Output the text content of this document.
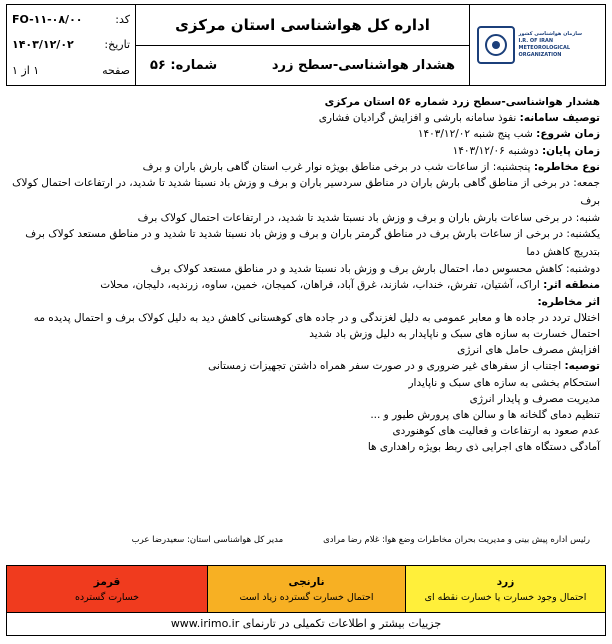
سازمان هواشناسی کشور
I.R. OF IRAN
METEOROLOGICAL
ORGANIZATION
اداره کل هواشناسی استان مرکزی
هشدار هواشناسی-سطح زرد
شماره: ۵۶
کد:
FO-۱۱-۰۸/۰۰
تاریخ:
۱۴۰۳/۱۲/۰۲
صفحه
۱ از ۱

هشدار هواشناسی-سطح زرد شماره ۵۶ استان مرکزی

توصیف سامانه: نفوذ سامانه بارشی و افزایش گرادیان فشاری

زمان شروع: شب پنج شنبه ۱۴۰۳/۱۲/۰۲

زمان پایان: دوشنبه ۱۴۰۳/۱۲/۰۶

نوع مخاطره: پنجشنبه: از ساعات شب در برخی مناطق بویژه نوار غرب استان گاهی بارش باران و برف

جمعه: در برخی از مناطق گاهی بارش باران در مناطق سردسیر باران و برف و وزش باد نسبتا شدید تا شدید، در ارتفاعات احتمال کولاک برف

شنبه: در برخی ساعات بارش باران و برف و وزش باد نسبتا شدید تا شدید، در ارتفاعات احتمال کولاک برف

یکشنبه: در برخی از ساعات بارش برف در مناطق گرمتر باران و برف و وزش باد نسبتا شدید تا شدید و در مناطق مستعد کولاک برف بتدریج کاهش دما

دوشنبه: کاهش محسوس دما، احتمال بارش برف و وزش باد نسبتا شدید و در مناطق مستعد کولاک برف

منطقه اثر: اراک، آشتیان، تفرش، خنداب، شازند، غرق آباد، فراهان، کمیجان، خمین، ساوه، زرندیه، دلیجان، محلات

اثر مخاطره:

اختلال تردد در جاده ها و معابر عمومی به دلیل لغزندگی و در جاده های کوهستانی کاهش دید به دلیل کولاک برف و احتمال پدیده مه

احتمال خسارت به سازه های سبک و ناپایدار به دلیل وزش باد شدید

افزایش مصرف حامل های انرژی

توصیه: اجتناب از سفرهای غیر ضروری و در صورت سفر همراه داشتن تجهیزات زمستانی

استحکام بخشی به سازه های سبک و ناپایدار

مدیریت مصرف و پایدار انرژی

تنظیم دمای گلخانه ها و سالن های پرورش طیور و ...

عدم صعود به ارتفاعات و فعالیت های کوهنوردی

آمادگی دستگاه های اجرایی ذی ربط بویژه راهداری ها

رئیس اداره پیش بینی و مدیریت بحران مخاطرات وضع هوا: غلام رضا مرادی
مدیر کل هواشناسی استان: سعیدرضا عرب
زرد
احتمال وجود خسارت یا خسارت نقطه ای
نارنجی
احتمال خسارت گسترده زیاد است
قرمز
خسارت گسترده
جزییات بیشتر و اطلاعات تکمیلی در تارنمای www.irimo.ir
